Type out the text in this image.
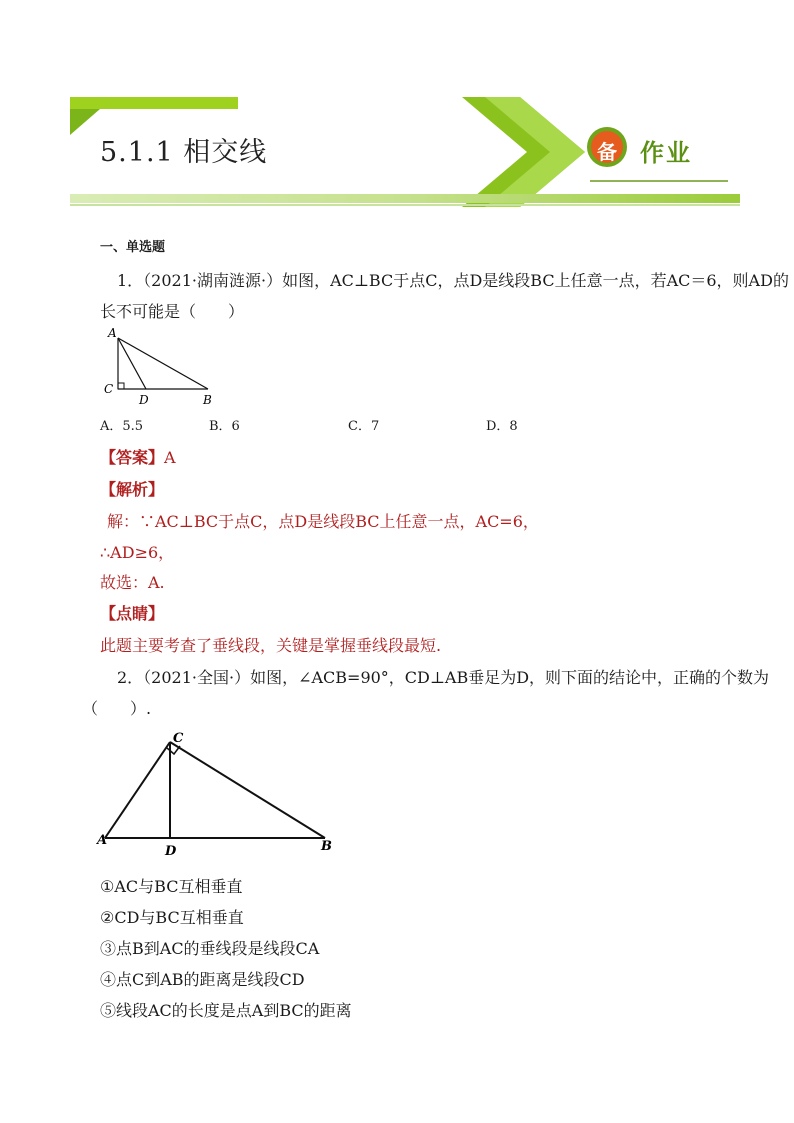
5.1.1 相交线	备 作业
一、单选题
1．（2021·湖南涟源·）如图，AC⊥BC于点C，点D是线段BC上任意一点，若AC＝6，则AD的
长不可能是（　　）
A
C
D	B
A．5.5	B．6	C．7	D．8
【答案】A
【解析】
解：∵AC⊥BC于点C，点D是线段BC上任意一点，AC=6，
∴AD≥6，
故选：A.
【点睛】
此题主要考查了垂线段，关键是掌握垂线段最短.
2．（2021·全国·）如图，∠ACB=90°，CD⊥AB垂足为D，则下面的结论中，正确的个数为
（　　）.
C
A
D	B
①AC与BC互相垂直
②CD与BC互相垂直
③点B到AC的垂线段是线段CA
④点C到AB的距离是线段CD
⑤线段AC的长度是点A到BC的距离
